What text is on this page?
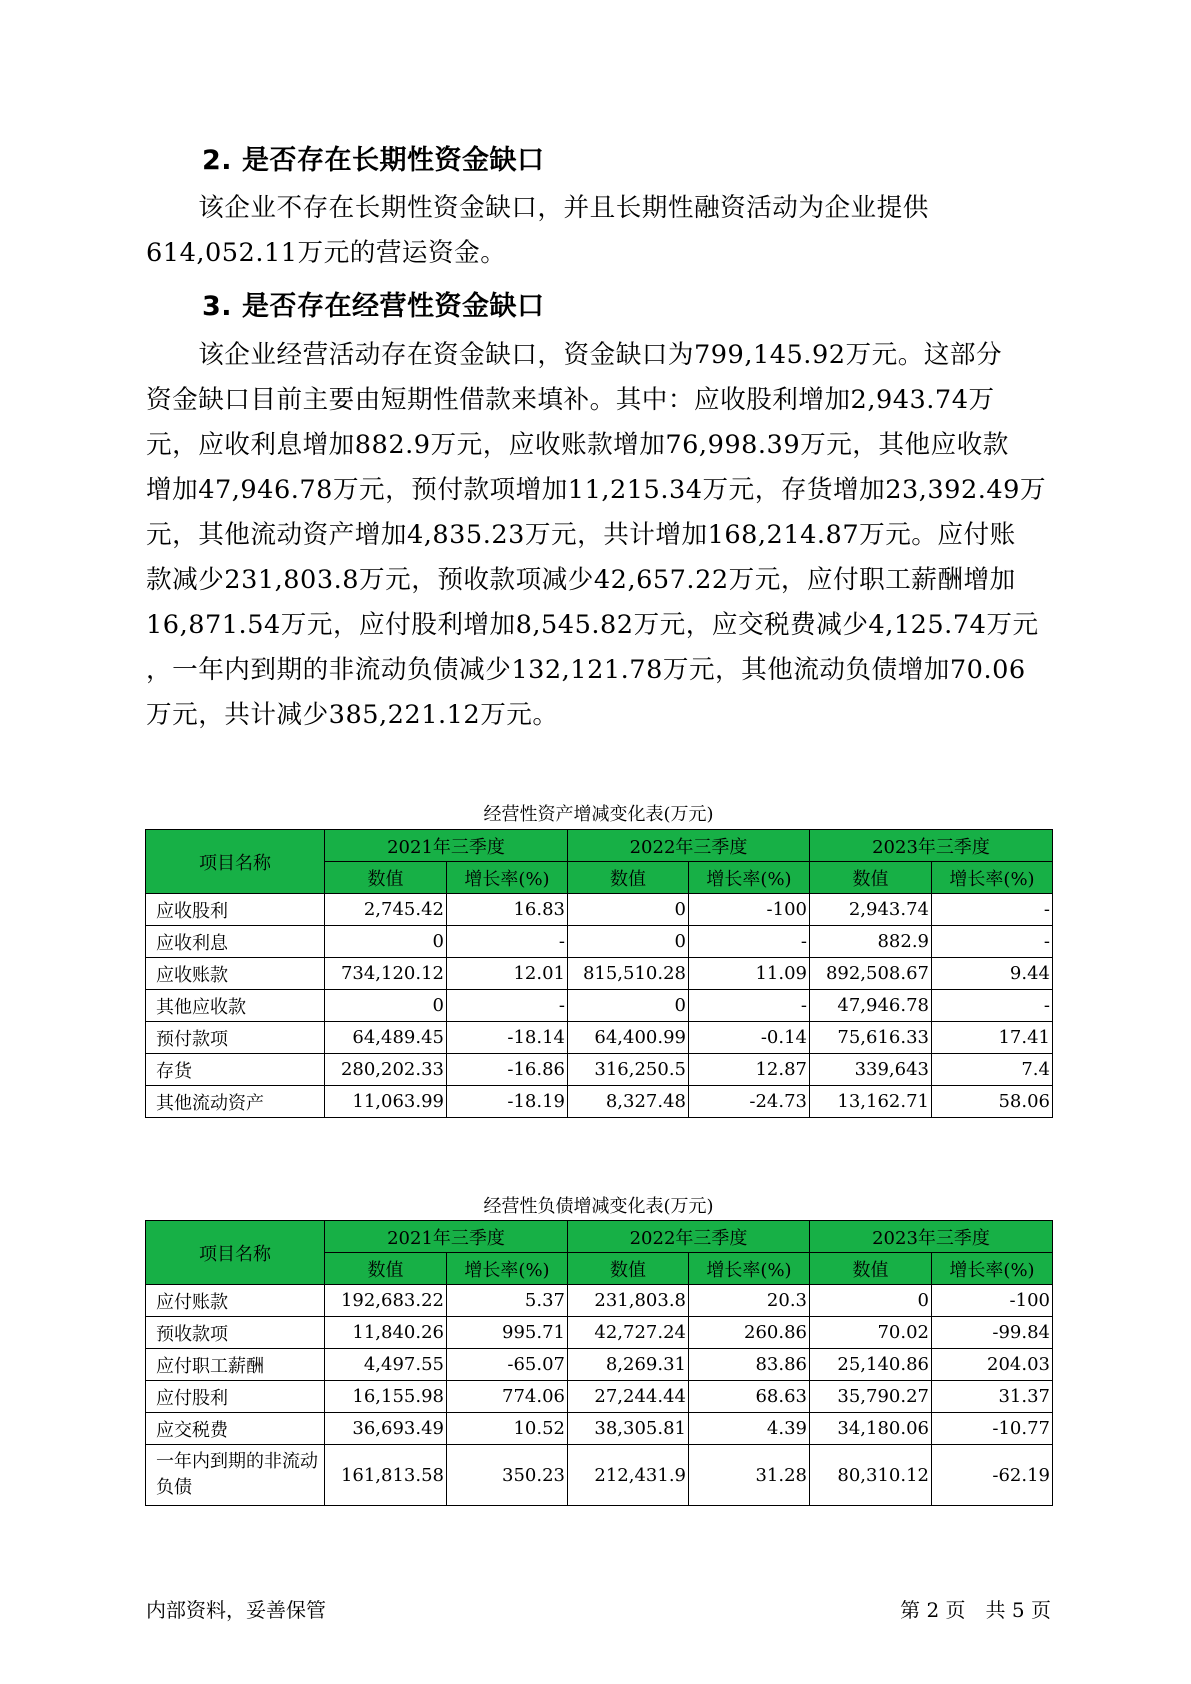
2. 是否存在长期性资金缺口

　　该企业不存在长期性资金缺口，并且长期性融资活动为企业提供

614,052.11万元的营运资金。

3. 是否存在经营性资金缺口

　　该企业经营活动存在资金缺口，资金缺口为799,145.92万元。这部分

资金缺口目前主要由短期性借款来填补。其中：应收股利增加2,943.74万

元，应收利息增加882.9万元，应收账款增加76,998.39万元，其他应收款

增加47,946.78万元，预付款项增加11,215.34万元，存货增加23,392.49万

元，其他流动资产增加4,835.23万元，共计增加168,214.87万元。应付账

款减少231,803.8万元，预收款项减少42,657.22万元，应付职工薪酬增加

16,871.54万元，应付股利增加8,545.82万元，应交税费减少4,125.74万元

，一年内到期的非流动负债减少132,121.78万元，其他流动负债增加70.06

万元，共计减少385,221.12万元。

经营性资产增减变化表(万元)
项目名称	2021年三季度		2022年三季度		2023年三季度	
	数值	增长率(%)	数值	增长率(%)	数值	增长率(%)
应收股利	2,745.42	16.83	0	-100	2,943.74	-
应收利息	0	-	0	-	882.9	-
应收账款	734,120.12	12.01	815,510.28	11.09	892,508.67	9.44
其他应收款	0	-	0	-	47,946.78	-
预付款项	64,489.45	-18.14	64,400.99	-0.14	75,616.33	17.41
存货	280,202.33	-16.86	316,250.5	12.87	339,643	7.4
其他流动资产	11,063.99	-18.19	8,327.48	-24.73	13,162.71	58.06
经营性负债增减变化表(万元)
项目名称	2021年三季度		2022年三季度		2023年三季度	
	数值	增长率(%)	数值	增长率(%)	数值	增长率(%)
应付账款	192,683.22	5.37	231,803.8	20.3	0	-100
预收款项	11,840.26	995.71	42,727.24	260.86	70.02	-99.84
应付职工薪酬	4,497.55	-65.07	8,269.31	83.86	25,140.86	204.03
应付股利	16,155.98	774.06	27,244.44	68.63	35,790.27	31.37
应交税费	36,693.49	10.52	38,305.81	4.39	34,180.06	-10.77
一年内到期的非流动负债	161,813.58	350.23	212,431.9	31.28	80,310.12	-62.19
内部资料，妥善保管	第 2 页　共 5 页
